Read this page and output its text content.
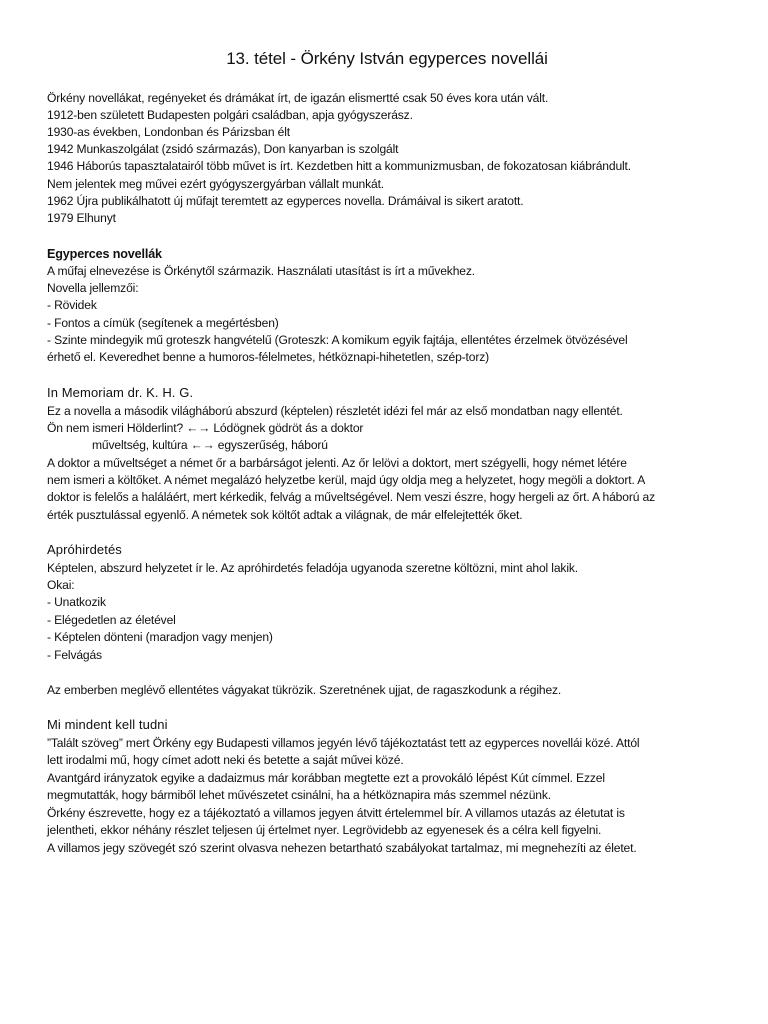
13. tétel - Örkény István egyperces novellái
Örkény novellákat, regényeket és drámákat írt, de igazán elismertté csak 50 éves kora után vált.
1912-ben született Budapesten polgári családban, apja gyógyszerász.
1930-as években, Londonban és Párizsban élt
1942 Munkaszolgálat (zsidó származás), Don kanyarban is szolgált
1946 Háborús tapasztalatairól több művet is írt. Kezdetben hitt a kommunizmusban, de fokozatosan kiábrándult.
Nem jelentek meg művei ezért gyógyszergyárban vállalt munkát.
1962 Újra publikálhatott új műfajt teremtett az egyperces novella. Drámáival is sikert aratott.
1979 Elhunyt
Egyperces novellák
A műfaj elnevezése is Örkénytől származik. Használati utasítást is írt a művekhez.
Novella jellemzői:
- Rövidek
- Fontos a címük (segítenek a megértésben)
- Szinte mindegyik mű groteszk hangvételű (Groteszk: A komikum egyik fajtája, ellentétes érzelmek ötvözésével
érhető el. Keveredhet benne a humoros-félelmetes, hétköznapi-hihetetlen, szép-torz)
In Memoriam dr. K. H. G.
Ez a novella a második világháború abszurd (képtelen) részletét idézi fel már az első mondatban nagy ellentét.
Ön nem ismeri Hölderlint? ←→ Lódögnek gödröt ás a doktor
műveltség, kultúra ←→ egyszerűség, háború
A doktor a műveltséget a német őr a barbárságot jelenti. Az őr lelövi a doktort, mert szégyelli, hogy német létére
nem ismeri a költőket. A német megalázó helyzetbe kerül, majd úgy oldja meg a helyzetet, hogy megöli a doktort. A
doktor is felelős a haláláért, mert kérkedik, felvág a műveltségével. Nem veszi észre, hogy hergeli az őrt. A háború az
érték pusztulással egyenlő. A németek sok költőt adtak a világnak, de már elfelejtették őket.
Apróhirdetés
Képtelen, abszurd helyzetet ír le. Az apróhirdetés feladója ugyanoda szeretne költözni, mint ahol lakik.
Okai:
- Unatkozik
- Elégedetlen az életével
- Képtelen dönteni (maradjon vagy menjen)
- Felvágás
Az emberben meglévő ellentétes vágyakat tükrözik. Szeretnének ujjat, de ragaszkodunk a régihez.
Mi mindent kell tudni
”Talált szöveg” mert Örkény egy Budapesti villamos jegyén lévő tájékoztatást tett az egyperces novellái közé. Attól
lett irodalmi mű, hogy címet adott neki és betette a saját művei közé.
Avantgárd irányzatok egyike a dadaizmus már korábban megtette ezt a provokáló lépést Kút címmel. Ezzel
megmutatták, hogy bármiből lehet művészetet csinálni, ha a hétköznapira más szemmel nézünk.
Örkény észrevette, hogy ez a tájékoztató a villamos jegyen átvitt értelemmel bír. A villamos utazás az életutat is
jelentheti, ekkor néhány részlet teljesen új értelmet nyer. Legrövidebb az egyenesek és a célra kell figyelni.
A villamos jegy szövegét szó szerint olvasva nehezen betartható szabályokat tartalmaz, mi megnehezíti az életet.
